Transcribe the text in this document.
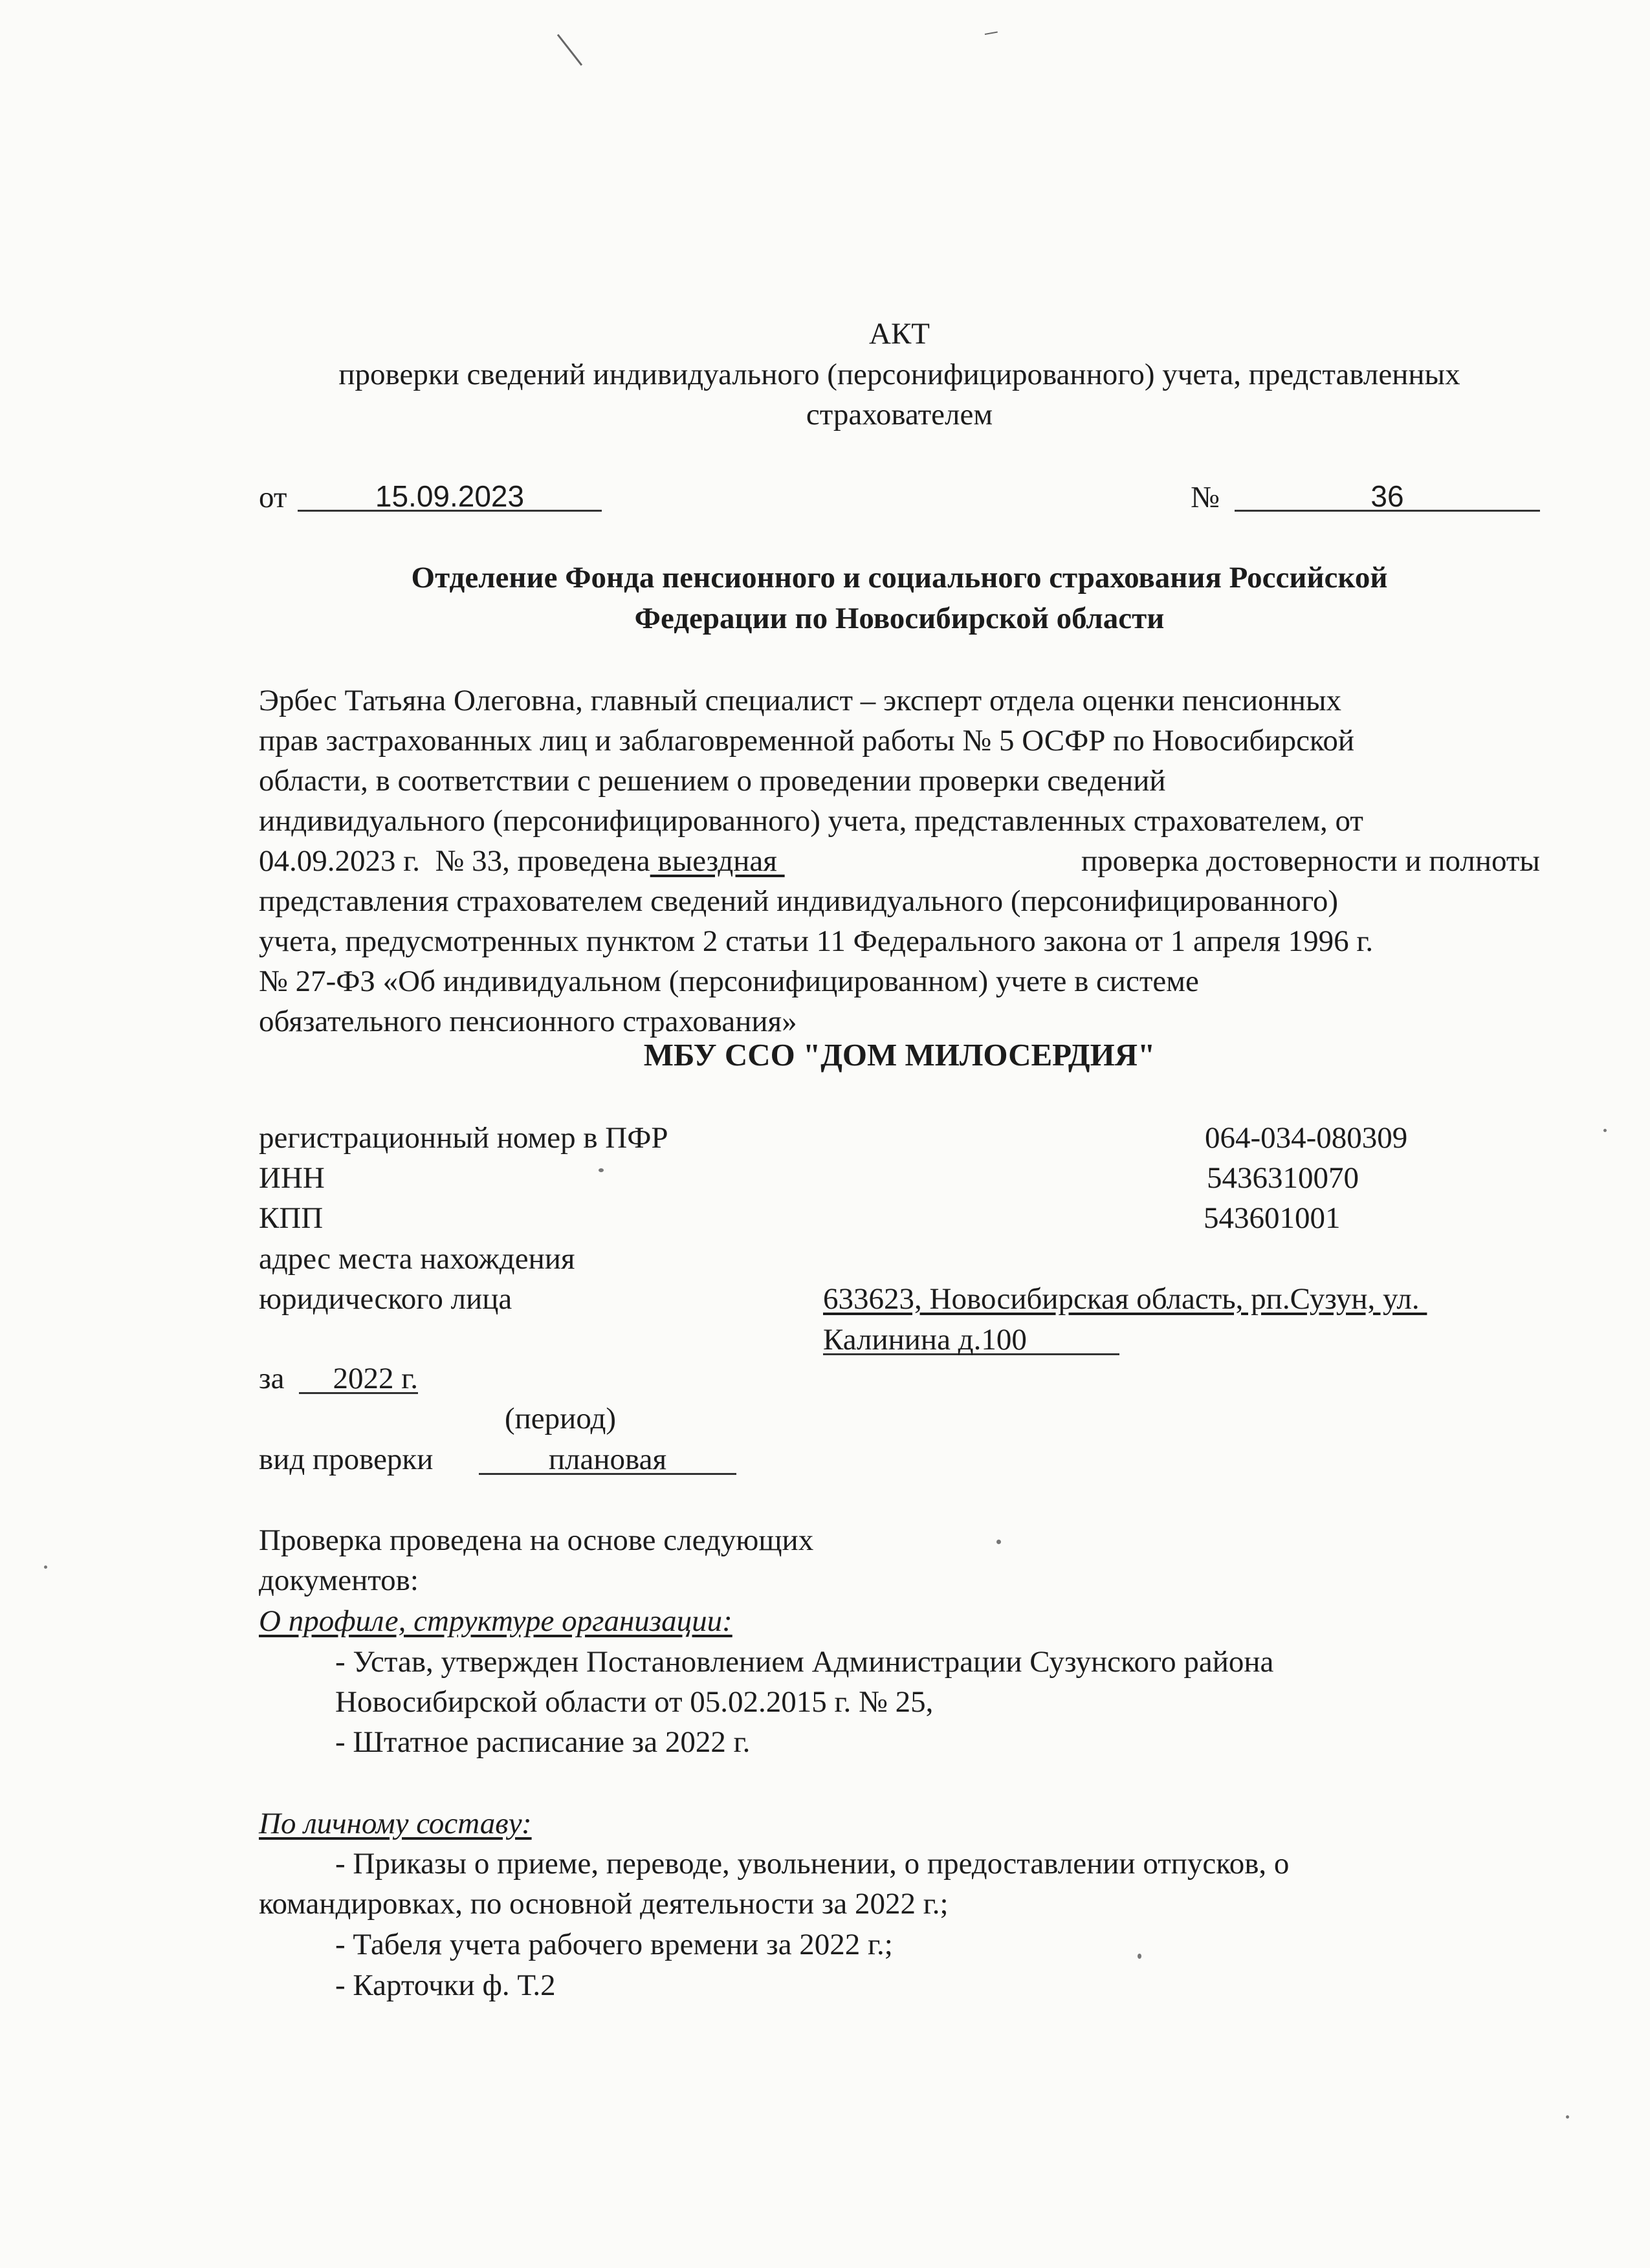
АКТ
проверки сведений индивидуального (персонифицированного) учета, представленных
страхователем
от	15.09.2023	№	36
Отделение Фонда пенсионного и социального страхования Российской
Федерации по Новосибирской области
Эрбес Татьяна Олеговна, главный специалист – эксперт отдела оценки пенсионных
прав застрахованных лиц и заблаговременной работы № 5 ОСФР по Новосибирской
области, в соответствии с решением о проведении проверки сведений
индивидуального (персонифицированного) учета, представленных страхователем, от
04.09.2023 г.  № 33, проведена выездная	проверка достоверности и полноты
представления страхователем сведений индивидуального (персонифицированного)
учета, предусмотренных пунктом 2 статьи 11 Федерального закона от 1 апреля 1996 г.
№ 27-ФЗ «Об индивидуальном (персонифицированном) учете в системе
обязательного пенсионного страхования»
МБУ ССО "ДОМ МИЛОСЕРДИЯ"
регистрационный номер в ПФР	064-034-080309
ИНН	5436310070
КПП	543601001
адрес места нахождения
юридического лица	633623, Новосибирская область, рп.Сузун, ул.
Калинина д.100
за	2022 г.
(период)
вид проверки	плановая
Проверка проведена на основе следующих
документов:
О профиле, структуре организации:
- Устав, утвержден Постановлением Администрации Сузунского района
Новосибирской области от 05.02.2015 г. № 25,
- Штатное расписание за 2022 г.
По личному составу:
- Приказы о приеме, переводе, увольнении, о предоставлении отпусков, о
командировках, по основной деятельности за 2022 г.;
- Табеля учета рабочего времени за 2022 г.;
- Карточки ф. Т.2
